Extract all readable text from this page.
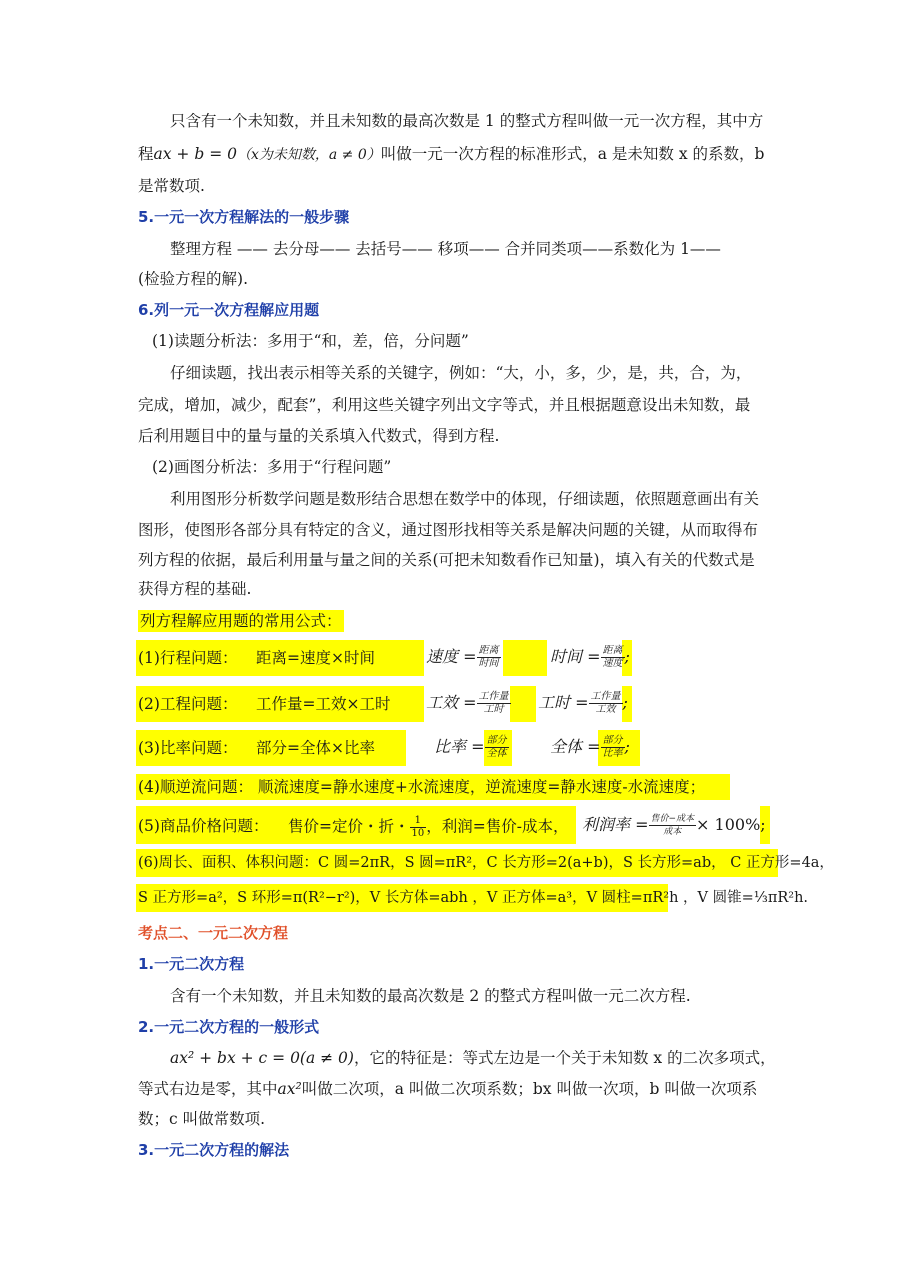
只含有一个未知数，并且未知数的最高次数是 1 的整式方程叫做一元一次方程，其中方
程ax + b = 0（x为未知数，a ≠ 0）叫做一元一次方程的标准形式，a 是未知数 x 的系数，b
是常数项.
5.一元一次方程解法的一般步骤
整理方程 —— 去分母—— 去括号—— 移项—— 合并同类项——系数化为 1——
(检验方程的解).
6.列一元一次方程解应用题
(1)读题分析法：多用于“和，差，倍，分问题”
仔细读题，找出表示相等关系的关键字，例如：“大，小，多，少，是，共，合，为，
完成，增加，减少，配套”，利用这些关键字列出文字等式，并且根据题意设出未知数，最
后利用题目中的量与量的关系填入代数式，得到方程.
(2)画图分析法：多用于“行程问题”
利用图形分析数学问题是数形结合思想在数学中的体现，仔细读题，依照题意画出有关
图形，使图形各部分具有特定的含义，通过图形找相等关系是解决问题的关键，从而取得布
列方程的依据，最后利用量与量之间的关系(可把未知数看作已知量)，填入有关的代数式是
获得方程的基础.
列方程解应用题的常用公式：
(1)行程问题： 距离=速度×时间	速度 = $\frac{\text{距离}}{\text{时间}}$	时间 = $\frac{\text{距离}}{\text{速度}}$ ;
(2)工程问题： 工作量=工效×工时 工效 = $\frac{\text{工作量}}{\text{工时}}$ 工时 = $\frac{\text{工作量}}{\text{工效}}$ ;
(3)比率问题： 部分=全体×比率	比率 = $\frac{\text{部分}}{\text{全体}}$	全体 = $\frac{\text{部分}}{\text{比率}}$ ;
(4)顺逆流问题： 顺流速度=静水速度+水流速度，逆流速度=静水速度-水流速度；
(5)商品价格问题： 售价=定价・折・ $\frac{1}{10}$ ，利润=售价-成本， 利润率 = $\frac{\text{售价−成本}}{\text{成本}} \times 100\%$;
(6)周长、面积、体积问题：C 圆=2πR，S 圆=πR²，C 长方形=2(a+b)，S 长方形=ab， C 正方形=4a，
S 正方形=a²，S 环形=π(R²−r²)，V 长方体=abh ，V 正方体=a³，V 圆柱=πR²h ，V 圆锥=⅓πR²h.
考点二、一元二次方程
1.一元二次方程
含有一个未知数，并且未知数的最高次数是 2 的整式方程叫做一元二次方程.
2.一元二次方程的一般形式
ax² + bx + c = 0(a ≠ 0)，它的特征是：等式左边是一个关于未知数 x 的二次多项式，
等式右边是零，其中ax²叫做二次项，a 叫做二次项系数；bx 叫做一次项，b 叫做一次项系
数；c 叫做常数项.
3.一元二次方程的解法
